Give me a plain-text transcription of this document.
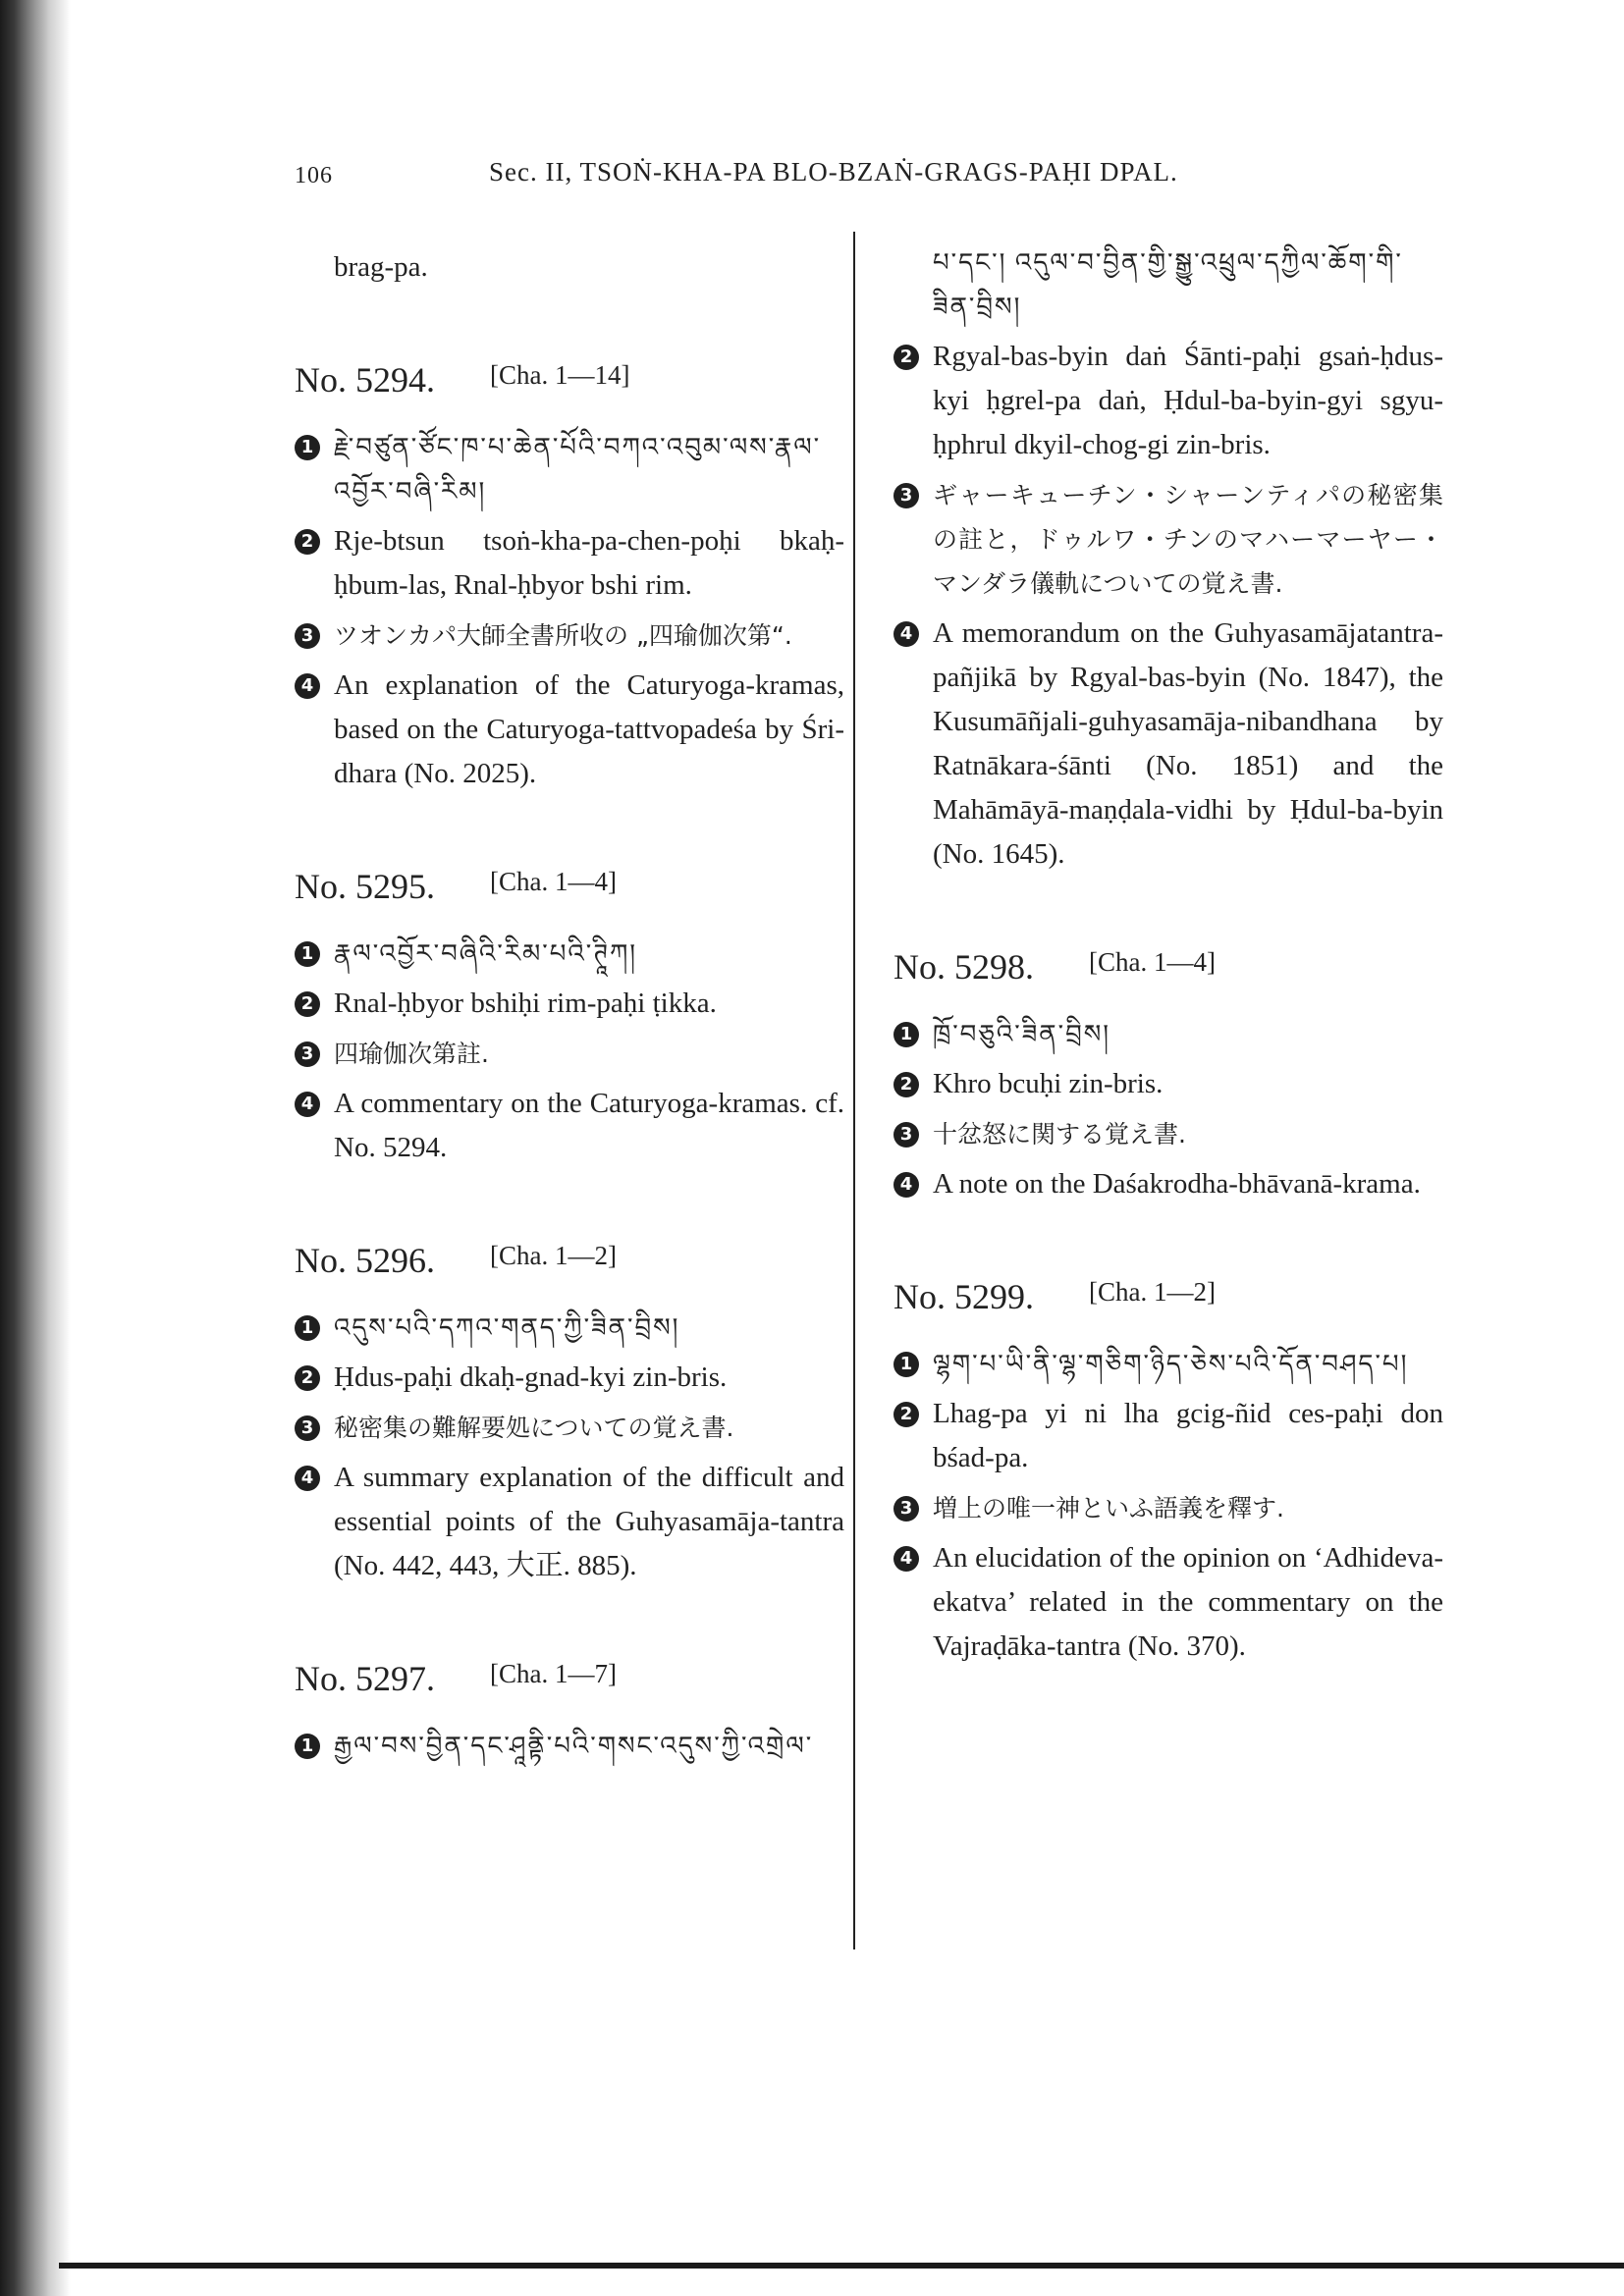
106	Sec. II, TSOṄ-KHA-PA BLO-BZAṄ-GRAGS-PAḤI DPAL.
brag-pa.
No. 5294. [Cha. 1—14]
1 རྗེ་བཙུན་ཙོང་ཁ་པ་ཆེན་པོའི་བཀའ་འབུམ་ལས་རྣལ་འབྱོར་བཞི་རིམ།
2 Rje-btsun tsoṅ-kha-pa-chen-poḥi bkaḥ-ḥbum-las, Rnal-ḥbyor bshi rim.
3 ツオンカパ大師全書所收の „四瑜伽次第“.
4 An explanation of the Caturyoga-kramas, based on the Caturyoga-tattvopadeśa by Śri-dhara (No. 2025).
No. 5295. [Cha. 1—4]
1 རྣལ་འབྱོར་བཞིའི་རིམ་པའི་ཊཱིཀ།
2 Rnal-ḥbyor bshiḥi rim-paḥi ṭikka.
3 四瑜伽次第註.
4 A commentary on the Caturyoga-kramas. cf. No. 5294.
No. 5296. [Cha. 1—2]
1 འདུས་པའི་དཀའ་གནད་ཀྱི་ཟིན་བྲིས།
2 Ḥdus-paḥi dkaḥ-gnad-kyi zin-bris.
3 秘密集の難解要処についての覚え書.
4 A summary explanation of the difficult and essential points of the Guhyasamāja-tantra (No. 442, 443, 大正. 885).
No. 5297. [Cha. 1—7]
1 རྒྱལ་བས་བྱིན་དང་ཤཱནྟི་པའི་གསང་འདུས་ཀྱི་འགྲེལ་
པ་དང་། འདུལ་བ་བྱིན་གྱི་སྒྱུ་འཕྲུལ་དཀྱིལ་ཆོག་གི་ཟིན་བྲིས།
2 Rgyal-bas-byin daṅ Śānti-paḥi gsaṅ-ḥdus-kyi ḥgrel-pa daṅ, Ḥdul-ba-byin-gyi sgyu-ḥphrul dkyil-chog-gi zin-bris.
3 ギャーキューチン・シャーンティパの秘密集の註と，ドゥルワ・チンのマハーマーヤー・マンダラ儀軌についての覚え書.
4 A memorandum on the Guhyasamājatantra-pañjikā by Rgyal-bas-byin (No. 1847), the Kusumāñjali-guhyasamāja-nibandhana by Ratnākara-śānti (No. 1851) and the Mahāmāyā-maṇḍala-vidhi by Ḥdul-ba-byin (No. 1645).
No. 5298. [Cha. 1—4]
1 ཁྲོ་བཅུའི་ཟིན་བྲིས།
2 Khro bcuḥi zin-bris.
3 十忿怒に関する覚え書.
4 A note on the Daśakrodha-bhāvanā-krama.
No. 5299. [Cha. 1—2]
1 ལྷག་པ་ཡི་ནི་ལྷ་གཅིག་ཉིད་ཅེས་པའི་དོན་བཤད་པ།
2 Lhag-pa yi ni lha gcig-ñid ces-paḥi don bśad-pa.
3 増上の唯一神といふ語義を釋す.
4 An elucidation of the opinion on ‘Adhideva-ekatva’ related in the commentary on the Vajraḍāka-tantra (No. 370).
